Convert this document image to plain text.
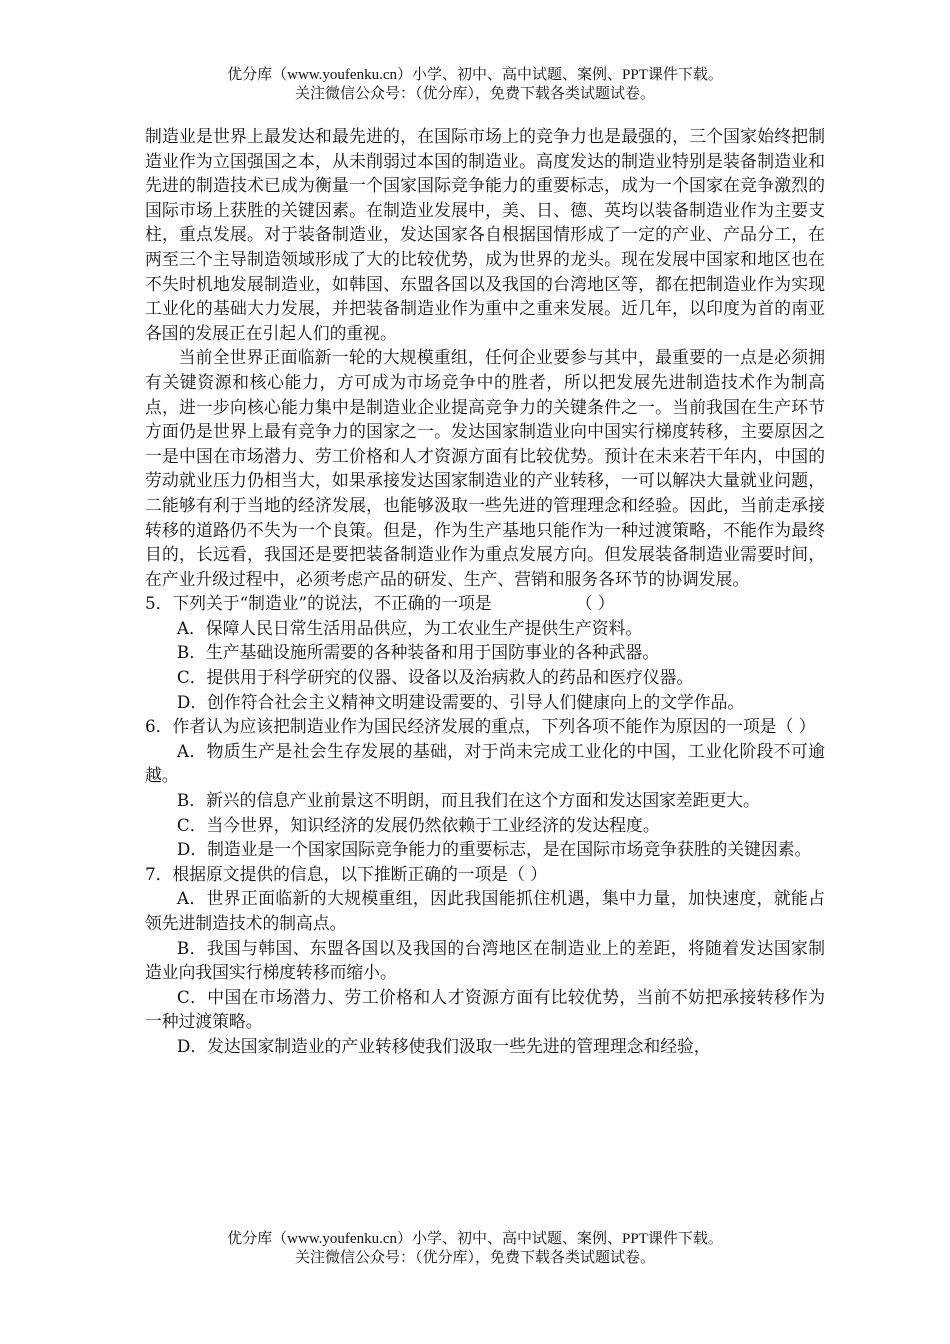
优分库（www.youfenku.cn）小学、初中、高中试题、案例、PPT课件下载。
关注微信公众号：（优分库），免费下载各类试题试卷。

制造业是世界上最发达和最先进的，在国际市场上的竞争力也是最强的，三个国家始终把制造业作为立国强国之本，从未削弱过本国的制造业。高度发达的制造业特别是装备制造业和先进的制造技术已成为衡量一个国家国际竞争能力的重要标志，成为一个国家在竞争激烈的国际市场上获胜的关键因素。在制造业发展中，美、日、德、英均以装备制造业作为主要支柱，重点发展。对于装备制造业，发达国家各自根据国情形成了一定的产业、产品分工，在两至三个主导制造领域形成了大的比较优势，成为世界的龙头。现在发展中国家和地区也在不失时机地发展制造业，如韩国、东盟各国以及我国的台湾地区等，都在把制造业作为实现工业化的基础大力发展，并把装备制造业作为重中之重来发展。近几年，以印度为首的南亚各国的发展正在引起人们的重视。

当前全世界正面临新一轮的大规模重组，任何企业要参与其中，最重要的一点是必须拥有关键资源和核心能力，方可成为市场竞争中的胜者，所以把发展先进制造技术作为制高点，进一步向核心能力集中是制造业企业提高竞争力的关键条件之一。当前我国在生产环节方面仍是世界上最有竞争力的国家之一。发达国家制造业向中国实行梯度转移，主要原因之一是中国在市场潜力、劳工价格和人才资源方面有比较优势。预计在未来若干年内，中国的劳动就业压力仍相当大，如果承接发达国家制造业的产业转移，一可以解决大量就业问题，二能够有利于当地的经济发展，也能够汲取一些先进的管理理念和经验。因此，当前走承接转移的道路仍不失为一个良策。但是，作为生产基地只能作为一种过渡策略，不能作为最终目的，长远看，我国还是要把装备制造业作为重点发展方向。但发展装备制造业需要时间，在产业升级过程中，必须考虑产品的研发、生产、营销和服务各环节的协调发展。

5．下列关于“制造业”的说法，不正确的一项是	（ ）

A．保障人民日常生活用品供应，为工农业生产提供生产资料。

B．生产基础设施所需要的各种装备和用于国防事业的各种武器。

C．提供用于科学研究的仪器、设备以及治病救人的药品和医疗仪器。

D．创作符合社会主义精神文明建设需要的、引导人们健康向上的文学作品。

6．作者认为应该把制造业作为国民经济发展的重点，下列各项不能作为原因的一项是（ ）

A．物质生产是社会生存发展的基础，对于尚未完成工业化的中国，工业化阶段不可逾越。

B．新兴的信息产业前景这不明朗，而且我们在这个方面和发达国家差距更大。

C．当今世界，知识经济的发展仍然依赖于工业经济的发达程度。

D．制造业是一个国家国际竞争能力的重要标志，是在国际市场竞争获胜的关键因素。

7．根据原文提供的信息，以下推断正确的一项是（ ）

A．世界正面临新的大规模重组，因此我国能抓住机遇，集中力量，加快速度，就能占领先进制造技术的制高点。

B．我国与韩国、东盟各国以及我国的台湾地区在制造业上的差距，将随着发达国家制造业向我国实行梯度转移而缩小。

C．中国在市场潜力、劳工价格和人才资源方面有比较优势，当前不妨把承接转移作为一种过渡策略。

D．发达国家制造业的产业转移使我们汲取一些先进的管理理念和经验，

优分库（www.youfenku.cn）小学、初中、高中试题、案例、PPT课件下载。
关注微信公众号：（优分库），免费下载各类试题试卷。
